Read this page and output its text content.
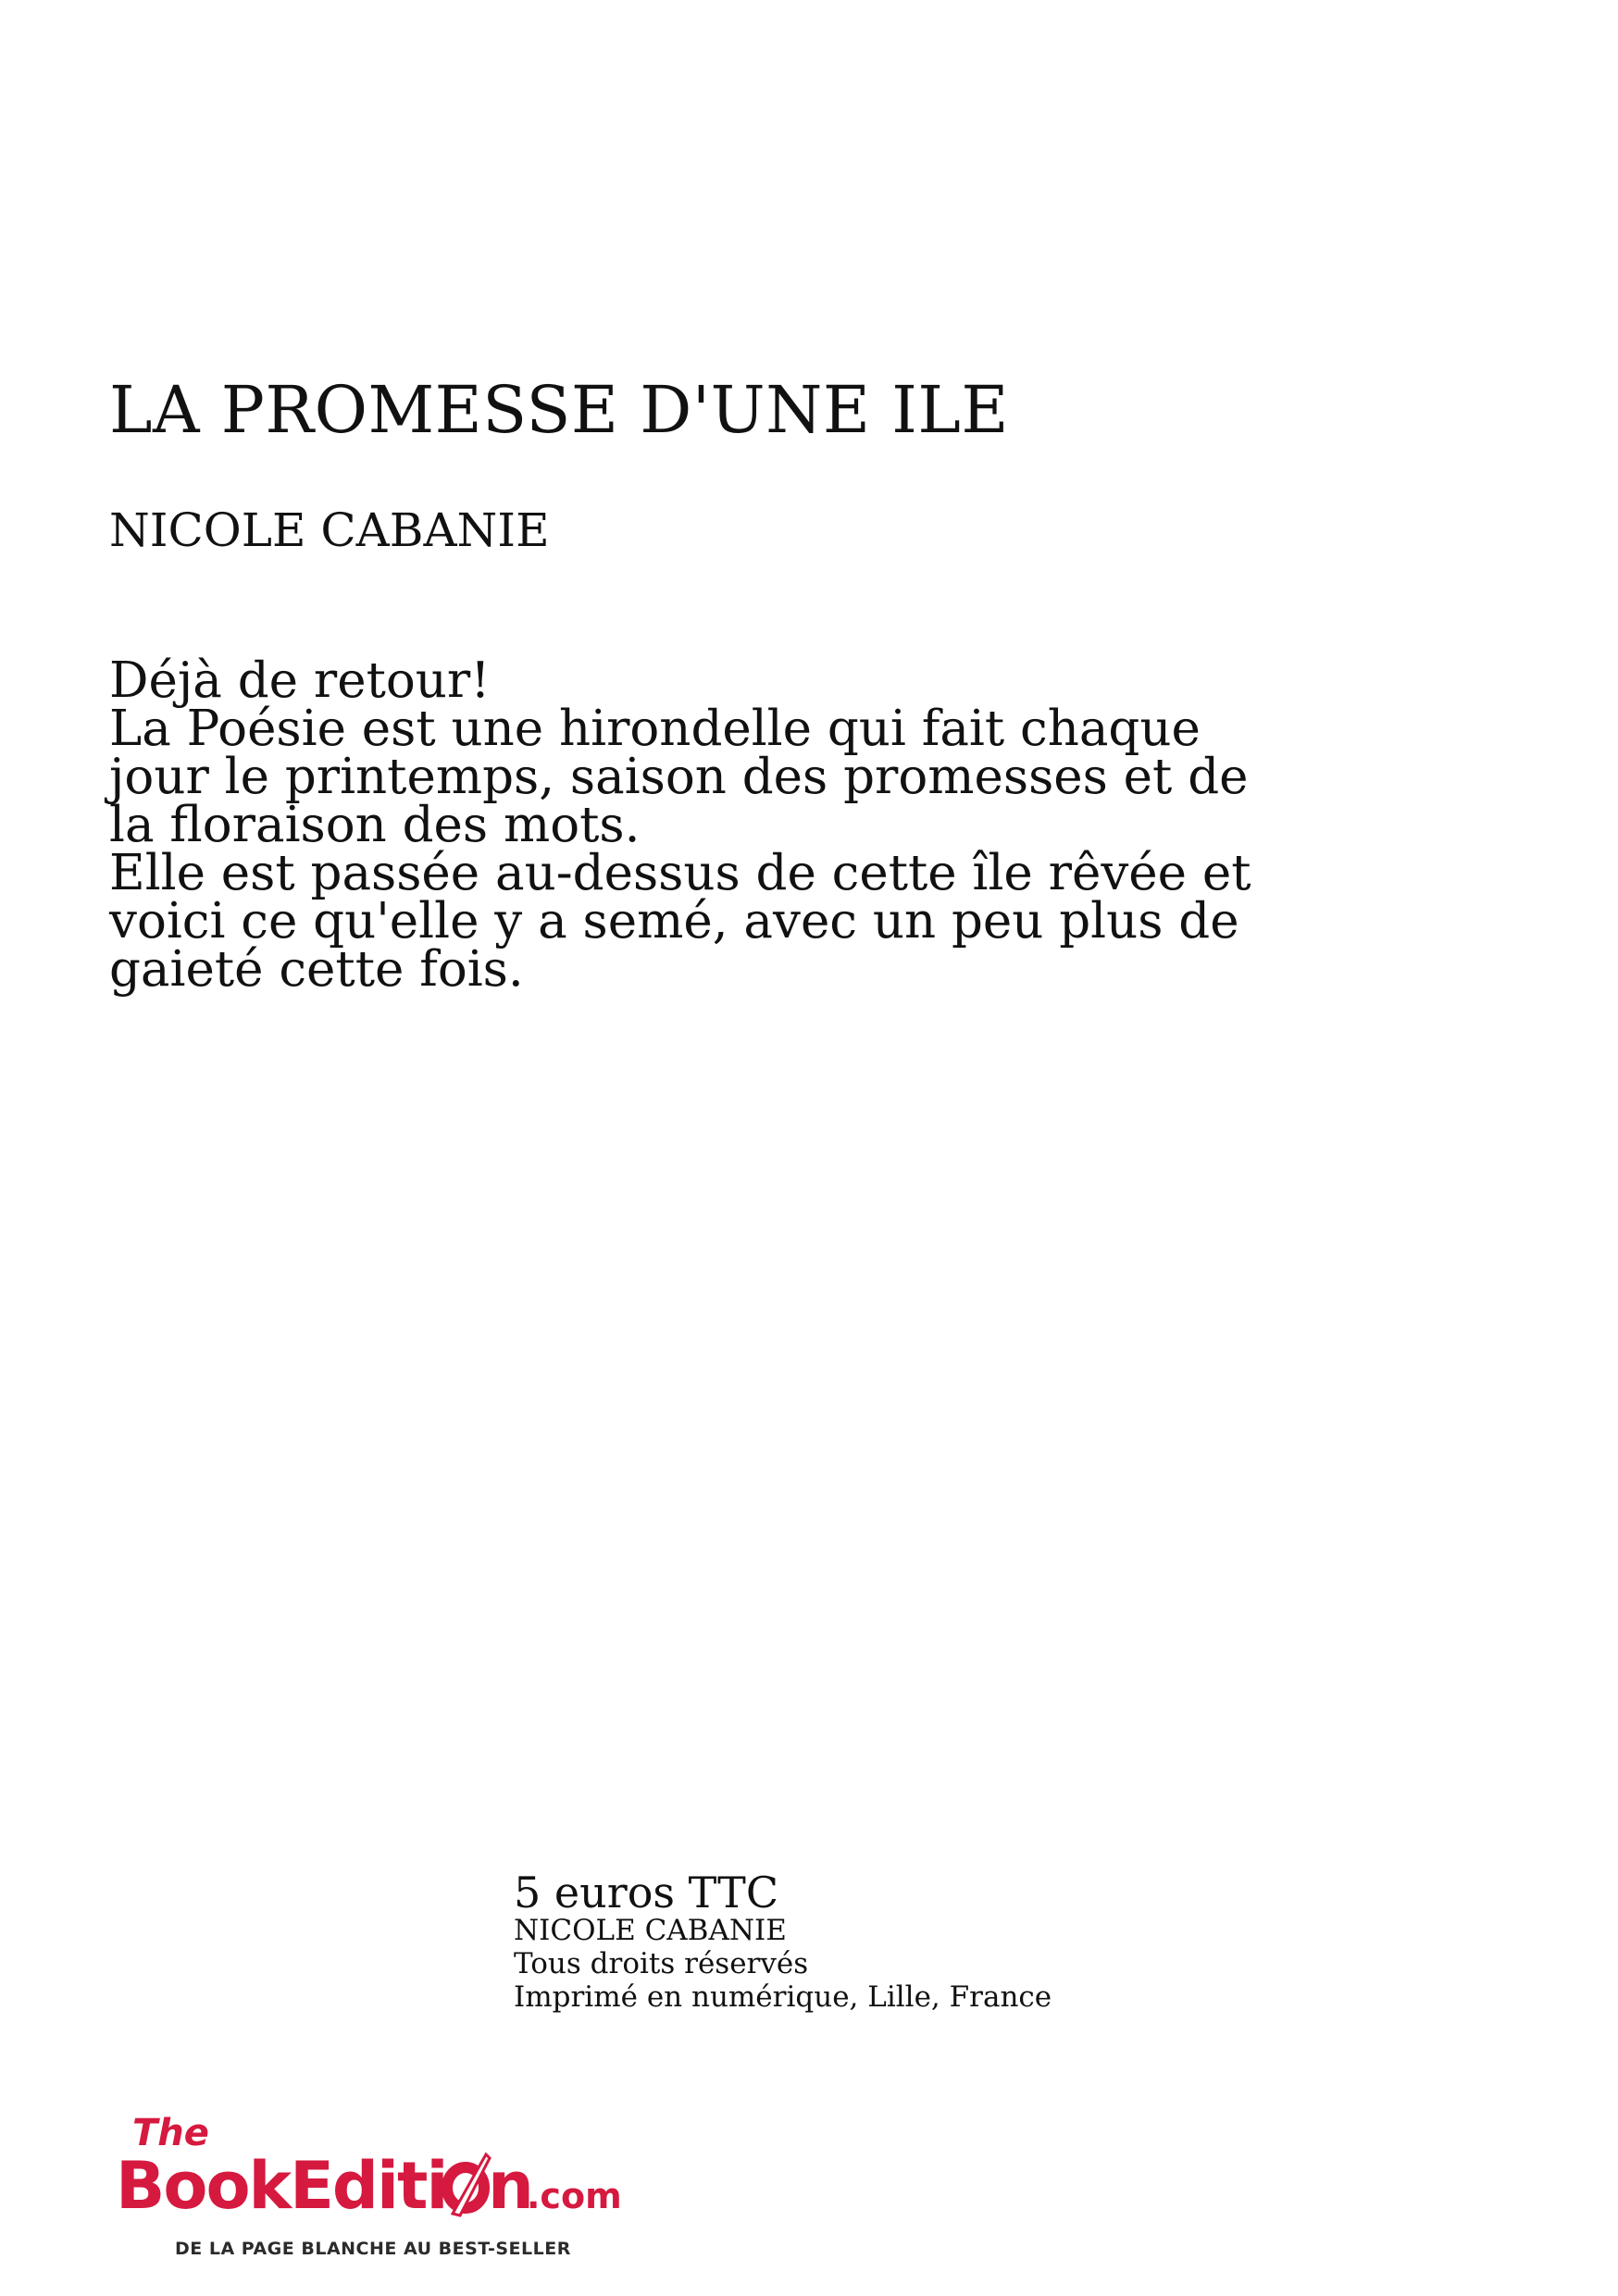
LA PROMESSE D'UNE ILE
NICOLE CABANIE
Déjà de retour!
La Poésie est une hirondelle qui fait chaque
jour le printemps, saison des promesses et de
la floraison des mots.
Elle est passée au-dessus de cette île rêvée et
voici ce qu'elle y a semé, avec un peu plus de
gaieté cette fois.
5 euros TTC
NICOLE CABANIE
Tous droits réservés
Imprimé en numérique, Lille, France
The
BookEditi n
.com
DE LA PAGE BLANCHE AU BEST-SELLER
